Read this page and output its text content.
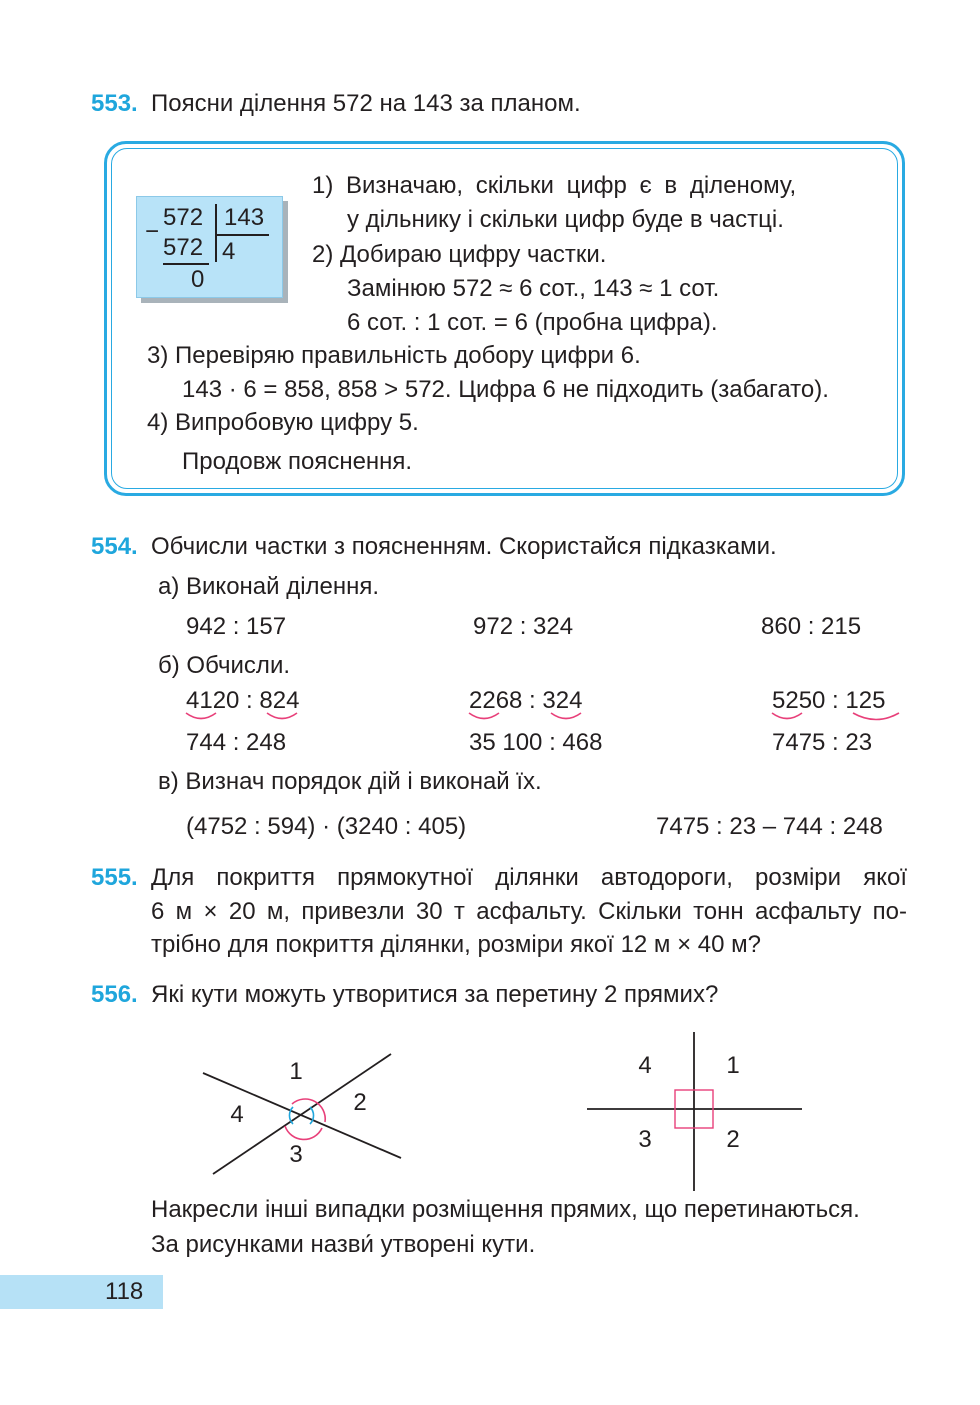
553. Поясни ділення 572 на 143 за планом.
572 143
−
572 4
0
1) Визначаю, скільки цифр є в діленому,
у дільнику і скільки цифр буде в частці.
2) Добираю цифру частки.
Замінюю 572 ≈ 6 сот., 143 ≈ 1 сот.
6 сот. : 1 сот. = 6 (пробна цифра).
3) Перевіряю правильність добору цифри 6.
143 · 6 = 858, 858 > 572. Цифра 6 не підходить (забагато).
4) Випробовую цифру 5.
Продовж пояснення.
554. Обчисли частки з поясненням. Скористайся підказками.
а) Виконай ділення.
942 : 157	972 : 324	860 : 215
б) Обчисли.
4120 : 824	2268 : 324	5250 : 125
744 : 248	35 100 : 468	7475 : 23
в) Визнач порядок дій і виконай їх.
(4752 : 594) · (3240 : 405)	7475 : 23 – 744 : 248
555. Для покриття прямокутної ділянки автодороги, розміри якої
6 м × 20 м, привезли 30 т асфальту. Скільки тонн асфальту по-
трібно для покриття ділянки, розміри якої 12 м × 40 м?
556. Які кути можуть утворитися за перетину 2 прямих?
1
2
3
4
4	1
3	2
Накресли інші випадки розміщення прямих, що перетинаються.
За рисунками назви́ утворені кути.
118
